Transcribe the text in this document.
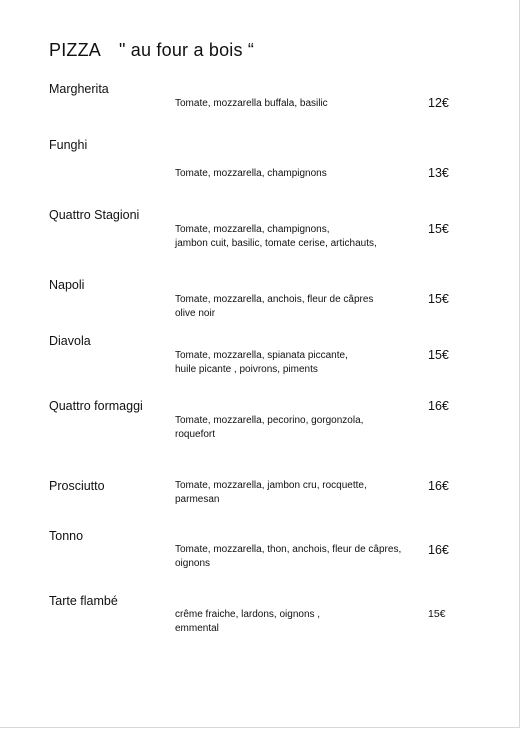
PIZZA " au four a bois “
Margherita
Tomate, mozzarella buffala, basilic	12€
Funghi
Tomate, mozzarella, champignons	13€
Quattro Stagioni
Tomate, mozzarella, champignons,
jambon cuit, basilic, tomate cerise, artichauts,
15€
Napoli
Tomate, mozzarella, anchois, fleur de câpres
olive noir
15€
Diavola
Tomate, mozzarella, spianata piccante,
huile picante , poivrons, piments
15€
Quattro formaggi
Tomate, mozzarella, pecorino, gorgonzola,
roquefort
16€
Prosciutto	Tomate, mozzarella, jambon cru, rocquette,
parmesan
16€
Tonno
Tomate, mozzarella, thon, anchois, fleur de câpres,
oignons
16€
Tarte flambé
crême fraiche, lardons, oignons ,
emmental
15€
